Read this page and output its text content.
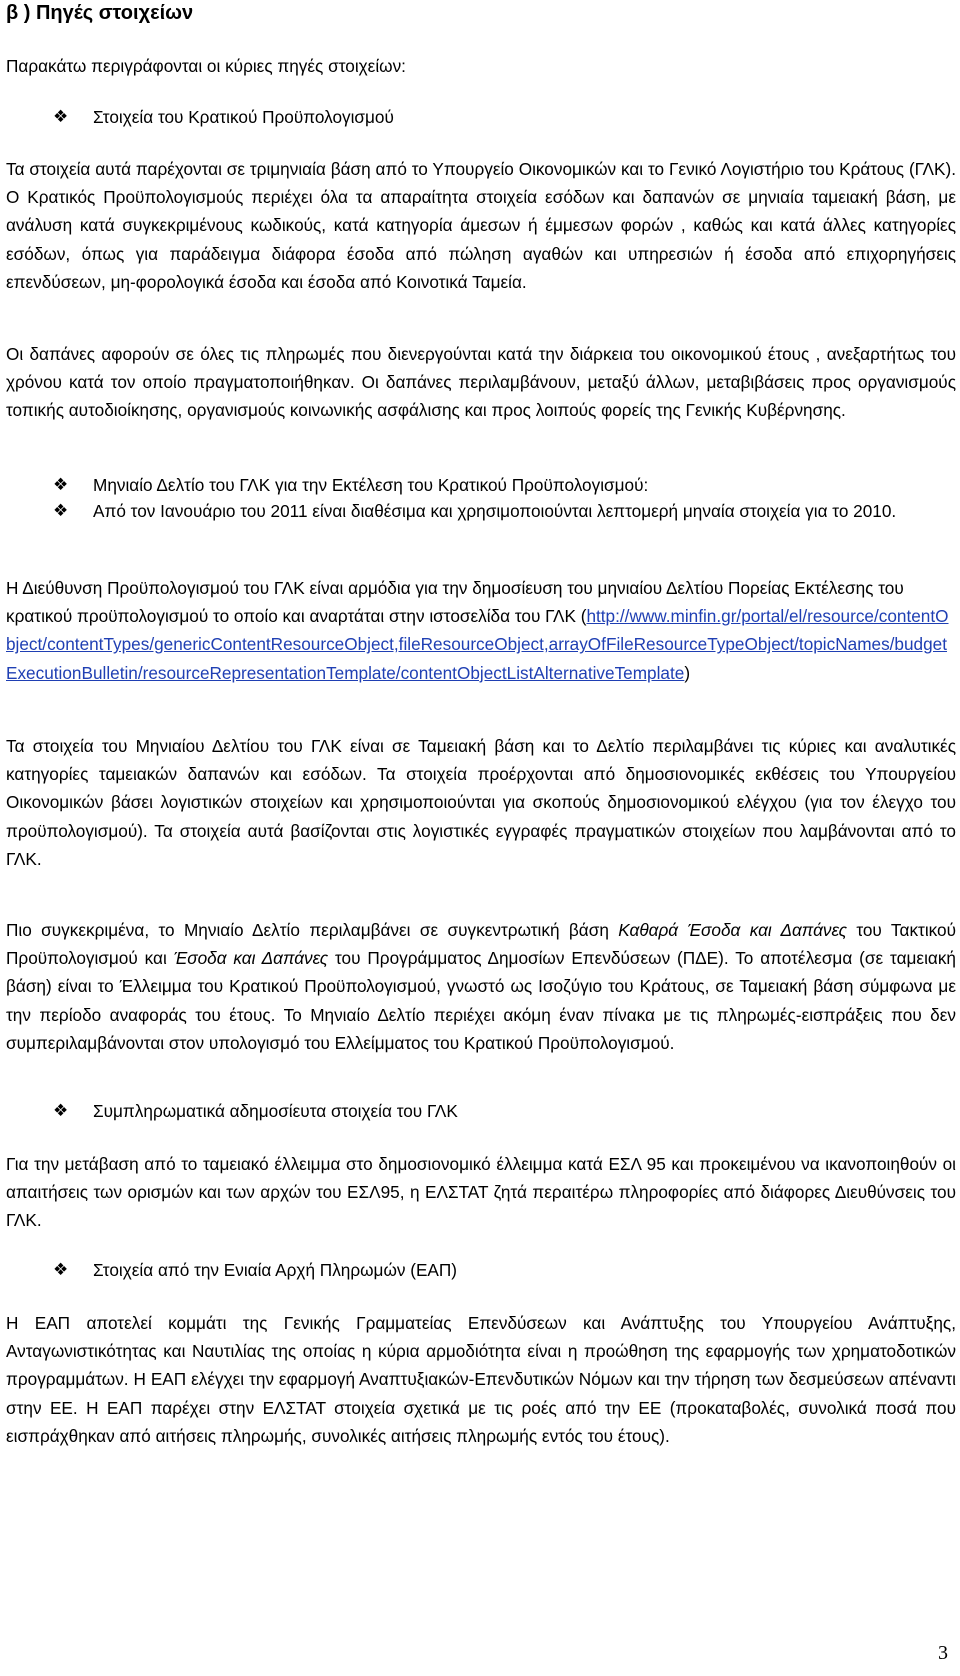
β ) Πηγές στοιχείων

Παρακάτω περιγράφονται οι κύριες πηγές στοιχείων:

❖	Στοιχεία του Κρατικού Προϋπολογισμού

Τα στοιχεία αυτά παρέχονται σε τριμηνιαία βάση από το Υπουργείο Οικονομικών και το Γενικό Λογιστήριο του Κράτους (ΓΛΚ). Ο Κρατικός Προϋπολογισμούς περιέχει όλα τα απαραίτητα στοιχεία εσόδων και δαπανών σε μηνιαία ταμειακή βάση, με ανάλυση κατά συγκεκριμένους κωδικούς, κατά κατηγορία άμεσων ή έμμεσων φορών , καθώς και κατά άλλες κατηγορίες εσόδων, όπως για παράδειγμα διάφορα έσοδα από πώληση αγαθών και υπηρεσιών ή έσοδα από επιχορηγήσεις επενδύσεων, μη-φορολογικά έσοδα και έσοδα από Κοινοτικά Ταμεία.

Οι δαπάνες αφορούν σε όλες τις πληρωμές που διενεργούνται κατά την διάρκεια του οικονομικού έτους , ανεξαρτήτως του χρόνου κατά τον οποίο πραγματοποιήθηκαν. Οι δαπάνες περιλαμβάνουν, μεταξύ άλλων, μεταβιβάσεις προς οργανισμούς τοπικής αυτοδιοίκησης, οργανισμούς κοινωνικής ασφάλισης και προς λοιπούς φορείς της Γενικής Κυβέρνησης.

❖	Μηνιαίο Δελτίο του ΓΛΚ για την Εκτέλεση του Κρατικού Προϋπολογισμού:
❖	Από τον Ιανουάριο του 2011 είναι διαθέσιμα και χρησιμοποιούνται λεπτομερή μηναία στοιχεία για το 2010.

Η Διεύθυνση Προϋπολογισμού του ΓΛΚ είναι αρμόδια για την δημοσίευση του μηνιαίου Δελτίου Πορείας Εκτέλεσης του κρατικού προϋπολογισμού το οποίο και αναρτάται στην ιστοσελίδα του ΓΛΚ (http://www.minfin.gr/portal/el/resource/contentObject/contentTypes/genericContentResourceObject,fileResourceObject,arrayOfFileResourceTypeObject/topicNames/budgetExecutionBulletin/resourceRepresentationTemplate/contentObjectListAlternativeTemplate)

Τα στοιχεία του Μηνιαίου Δελτίου του ΓΛΚ είναι σε Ταμειακή βάση και το Δελτίο περιλαμβάνει τις κύριες και αναλυτικές κατηγορίες ταμειακών δαπανών και εσόδων. Τα στοιχεία προέρχονται από δημοσιονομικές εκθέσεις του Υπουργείου Οικονομικών βάσει λογιστικών στοιχείων και χρησιμοποιούνται για σκοπούς δημοσιονομικού ελέγχου (για τον έλεγχο του προϋπολογισμού). Τα στοιχεία αυτά βασίζονται στις λογιστικές εγγραφές πραγματικών στοιχείων που λαμβάνονται από το ΓΛΚ.

Πιο συγκεκριμένα, το Μηνιαίο Δελτίο περιλαμβάνει σε συγκεντρωτική βάση Καθαρά Έσοδα και Δαπάνες του Τακτικού Προϋπολογισμού και Έσοδα και Δαπάνες του Προγράμματος Δημοσίων Επενδύσεων (ΠΔΕ). Το αποτέλεσμα (σε ταμειακή βάση) είναι το Έλλειμμα του Κρατικού Προϋπολογισμού, γνωστό ως Ισοζύγιο του Κράτους, σε Ταμειακή βάση σύμφωνα με την περίοδο αναφοράς του έτους. Το Μηνιαίο Δελτίο περιέχει ακόμη έναν πίνακα με τις πληρωμές-εισπράξεις που δεν συμπεριλαμβάνονται στον υπολογισμό του Ελλείμματος του Κρατικού Προϋπολογισμού.

❖	Συμπληρωματικά αδημοσίευτα στοιχεία του ΓΛΚ

Για την μετάβαση από το ταμειακό έλλειμμα στο δημοσιονομικό έλλειμμα κατά ΕΣΛ 95 και προκειμένου να ικανοποιηθούν οι απαιτήσεις των ορισμών και των αρχών του ΕΣΛ95, η ΕΛΣΤΑΤ ζητά περαιτέρω πληροφορίες από διάφορες Διευθύνσεις του ΓΛΚ.

❖	Στοιχεία από την Ενιαία Αρχή Πληρωμών (ΕΑΠ)

Η ΕΑΠ αποτελεί κομμάτι της Γενικής Γραμματείας Επενδύσεων και Ανάπτυξης του Υπουργείου Ανάπτυξης, Ανταγωνιστικότητας και Ναυτιλίας της οποίας η κύρια αρμοδιότητα είναι η προώθηση της εφαρμογής των χρηματοδοτικών προγραμμάτων. Η ΕΑΠ ελέγχει την εφαρμογή Αναπτυξιακών-Επενδυτικών Νόμων και την τήρηση των δεσμεύσεων απέναντι στην ΕΕ. Η ΕΑΠ παρέχει στην ΕΛΣΤΑΤ στοιχεία σχετικά με τις ροές από την ΕΕ (προκαταβολές, συνολικά ποσά που εισπράχθηκαν από αιτήσεις πληρωμής, συνολικές αιτήσεις πληρωμής εντός του έτους).

3
